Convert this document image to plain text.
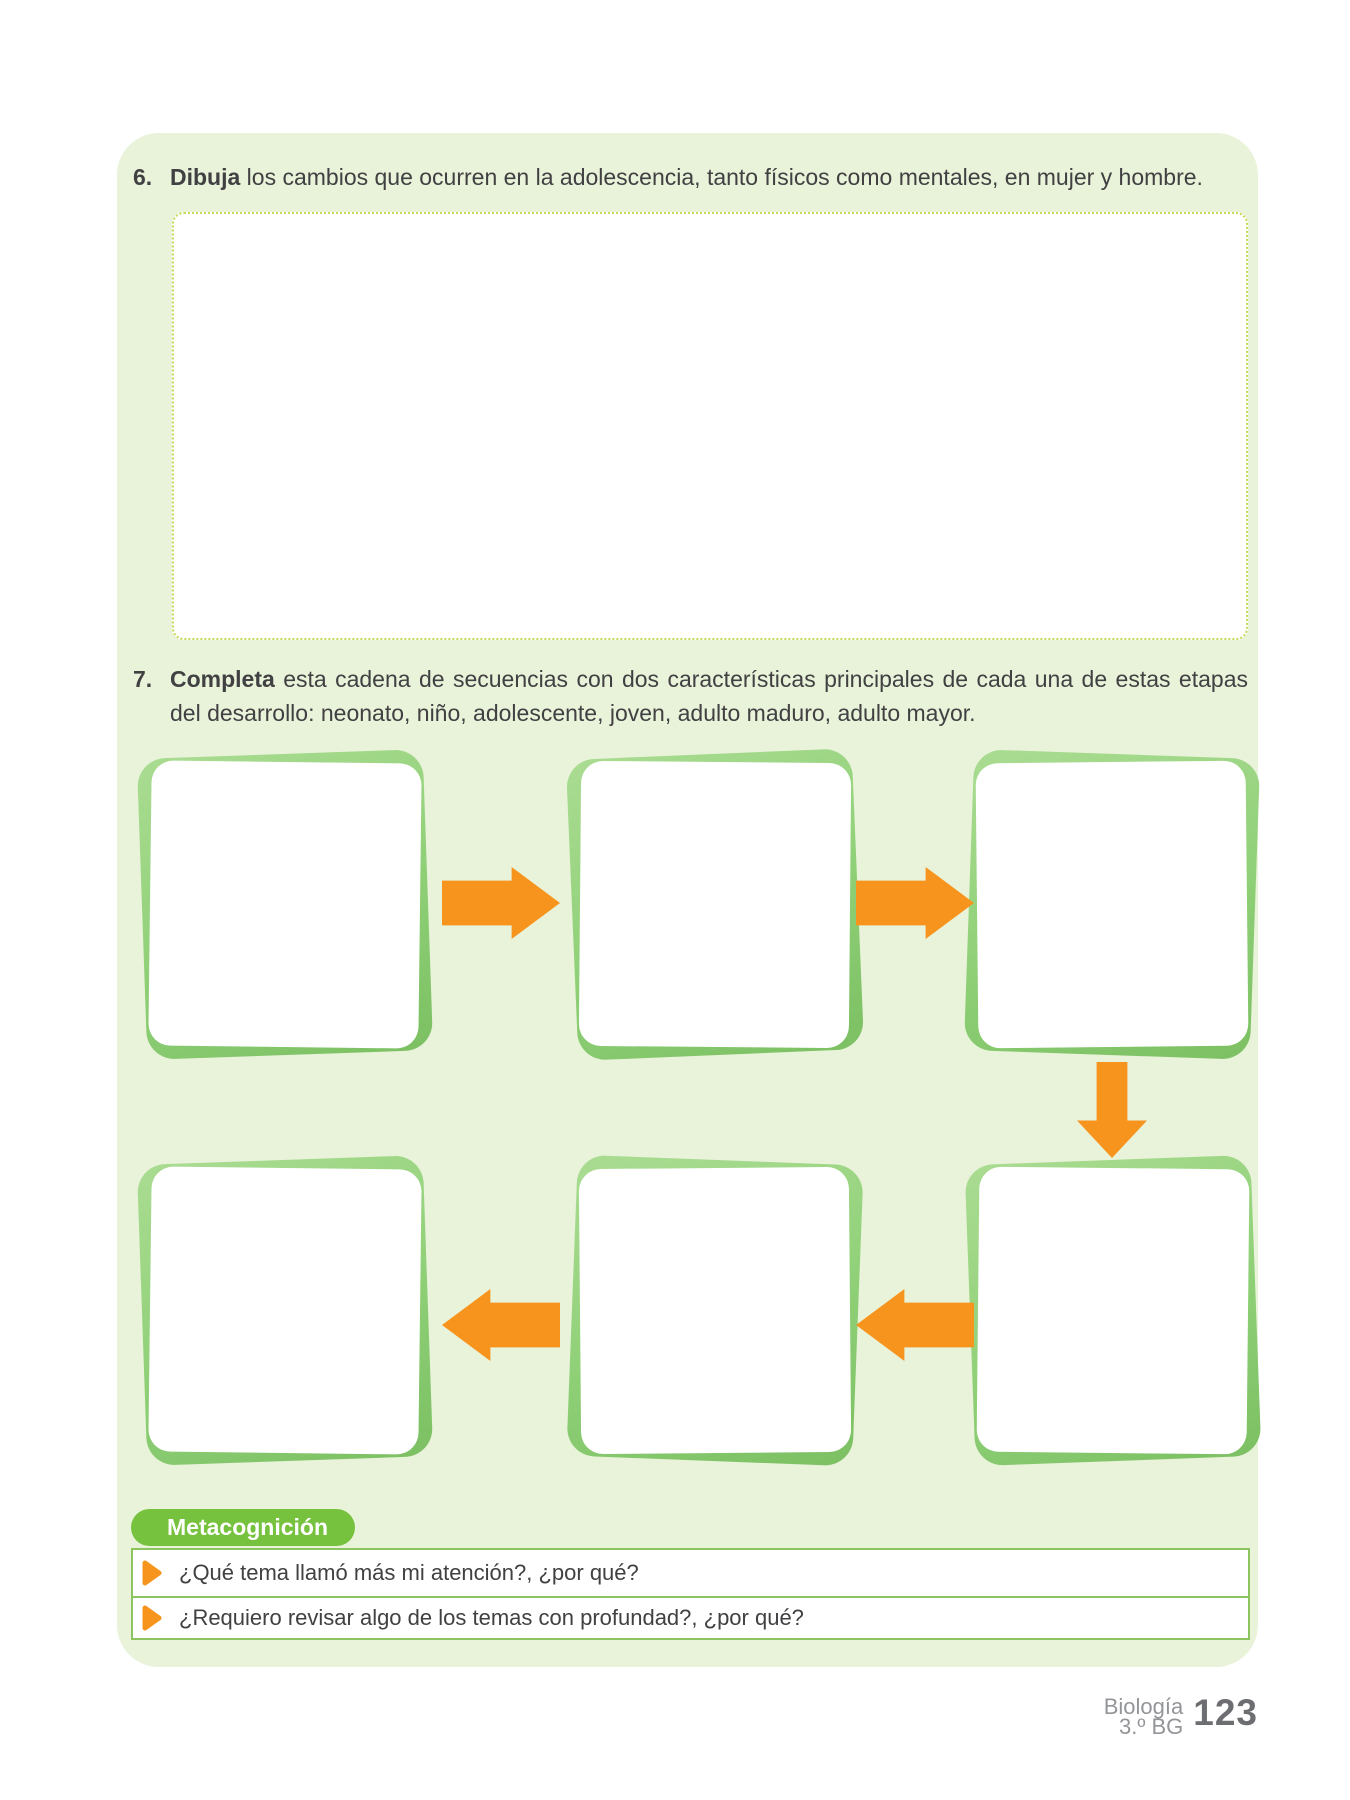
6. Dibuja los cambios que ocurren en la adolescencia, tanto físicos como mentales, en mujer y hombre.
7. Completa esta cadena de secuencias con dos características principales de cada una de estas etapas del desarrollo: neonato, niño, adolescente, joven, adulto maduro, adulto mayor.
Metacognición
¿Qué tema llamó más mi atención?, ¿por qué?
¿Requiero revisar algo de los temas con profundad?, ¿por qué?
Biología
3.º BG 123
